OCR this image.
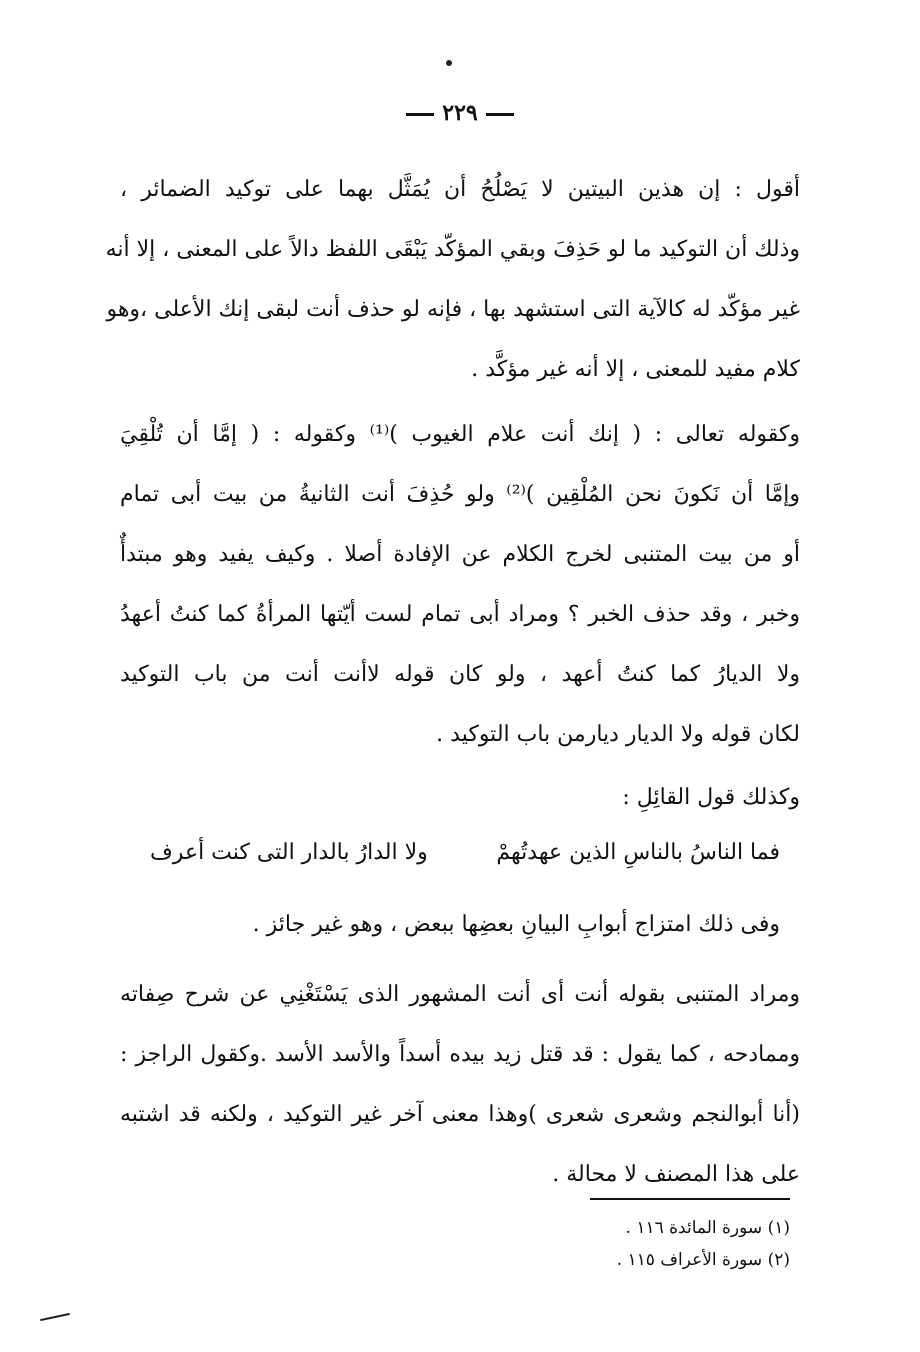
٢٢٩
أقول : إن هذين البيتين لا يَصْلُحُ أن يُمَثَّل بهما على توكيد الضمائر ،
وذلك أن التوكيد ما لو حَذِفَ وبقي المؤكّد يَبْقَى اللفظ دالاً على المعنى ، إلا أنه
غير مؤكّد له كالآية التى استشهد بها ، فإنه لو حذف أنت لبقى إنك الأعلى ،وهو
كلام مفيد للمعنى ، إلا أنه غير مؤكَّد .
وكقوله تعالى : ( إنك أنت علام الغيوب )⁽¹⁾ وكقوله : ( إمَّا أن تُلْقِيَ
وإمَّا أن نَكونَ نحن المُلْقِين )⁽²⁾ ولو حُذِفَ أنت الثانيةُ من بيت أبى تمام
أو من بيت المتنبى لخرج الكلام عن الإفادة أصلا . وكيف يفيد وهو مبتدأٌ
وخبر ، وقد حذف الخبر ؟ ومراد أبى تمام لست أيّتها المرأةُ كما كنتُ أعهدُ
ولا الديارُ كما كنتُ أعهد ، ولو كان قوله لاأنت أنت من باب التوكيد
لكان قوله ولا الديار ديارمن باب التوكيد .
وكذلك قول القائِلِ :
فما الناسُ بالناسِ الذين عهدتُهمْ
ولا الدارُ بالدار التى كنت أعرف
وفى ذلك امتزاج أبوابِ البيانِ بعضِها ببعض ، وهو غير جائز .
ومراد المتنبى بقوله أنت أى أنت المشهور الذى يَسْتَغْنِي عن شرح صِفاته
وممادحه ، كما يقول : قد قتل زيد بيده أسداً والأسد الأسد .وكقول الراجز :
(أنا أبوالنجم وشعرى شعرى )وهذا معنى آخر غير التوكيد ، ولكنه قد اشتبه
على هذا المصنف لا محالة .
(١) سورة المائدة ١١٦ .
(٢) سورة الأعراف ١١٥ .
